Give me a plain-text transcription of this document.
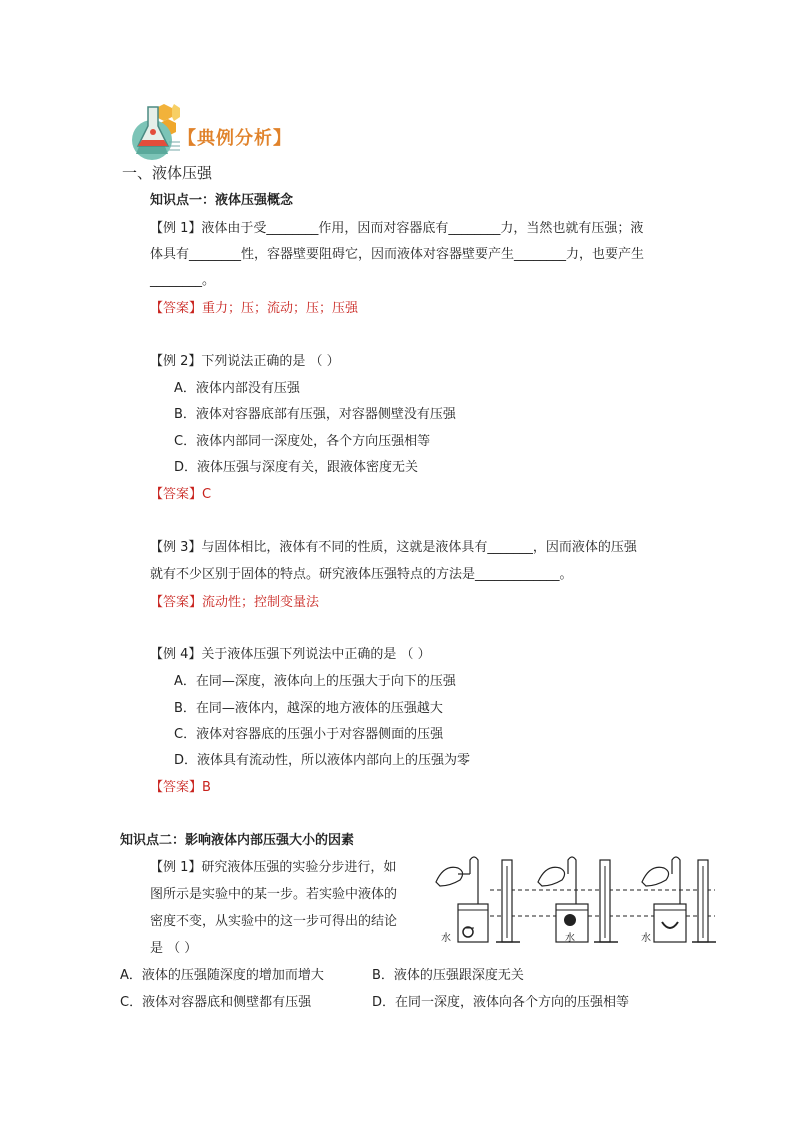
【典例分析】
一、液体压强
知识点一：液体压强概念
【例 1】液体由于受________作用，因而对容器底有________力，当然也就有压强；液
体具有________性，容器壁要阻碍它，因而液体对容器壁要产生________力，也要产生
________。
【答案】重力；压；流动；压；压强
【例 2】下列说法正确的是 （ ）
A．液体内部没有压强
B．液体对容器底部有压强，对容器侧壁没有压强
C．液体内部同一深度处，各个方向压强相等
D．液体压强与深度有关，跟液体密度无关
【答案】C
【例 3】与固体相比，液体有不同的性质，这就是液体具有_______，因而液体的压强
就有不少区别于固体的特点。研究液体压强特点的方法是_____________。
【答案】流动性；控制变量法
【例 4】关于液体压强下列说法中正确的是 （ ）
A．在同—深度，液体向上的压强大于向下的压强
B．在同—液体内，越深的地方液体的压强越大
C．液体对容器底的压强小于对容器侧面的压强
D．液体具有流动性，所以液体内部向上的压强为零
【答案】B
知识点二：影响液体内部压强大小的因素
【例 1】研究液体压强的实验分步进行，如
图所示是实验中的某一步。若实验中液体的
密度不变，从实验中的这一步可得出的结论
是 （ ）
A．液体的压强随深度的增加而增大	B．液体的压强跟深度无关
C．液体对容器底和侧壁都有压强	D．在同一深度，液体向各个方向的压强相等
水	水	水
